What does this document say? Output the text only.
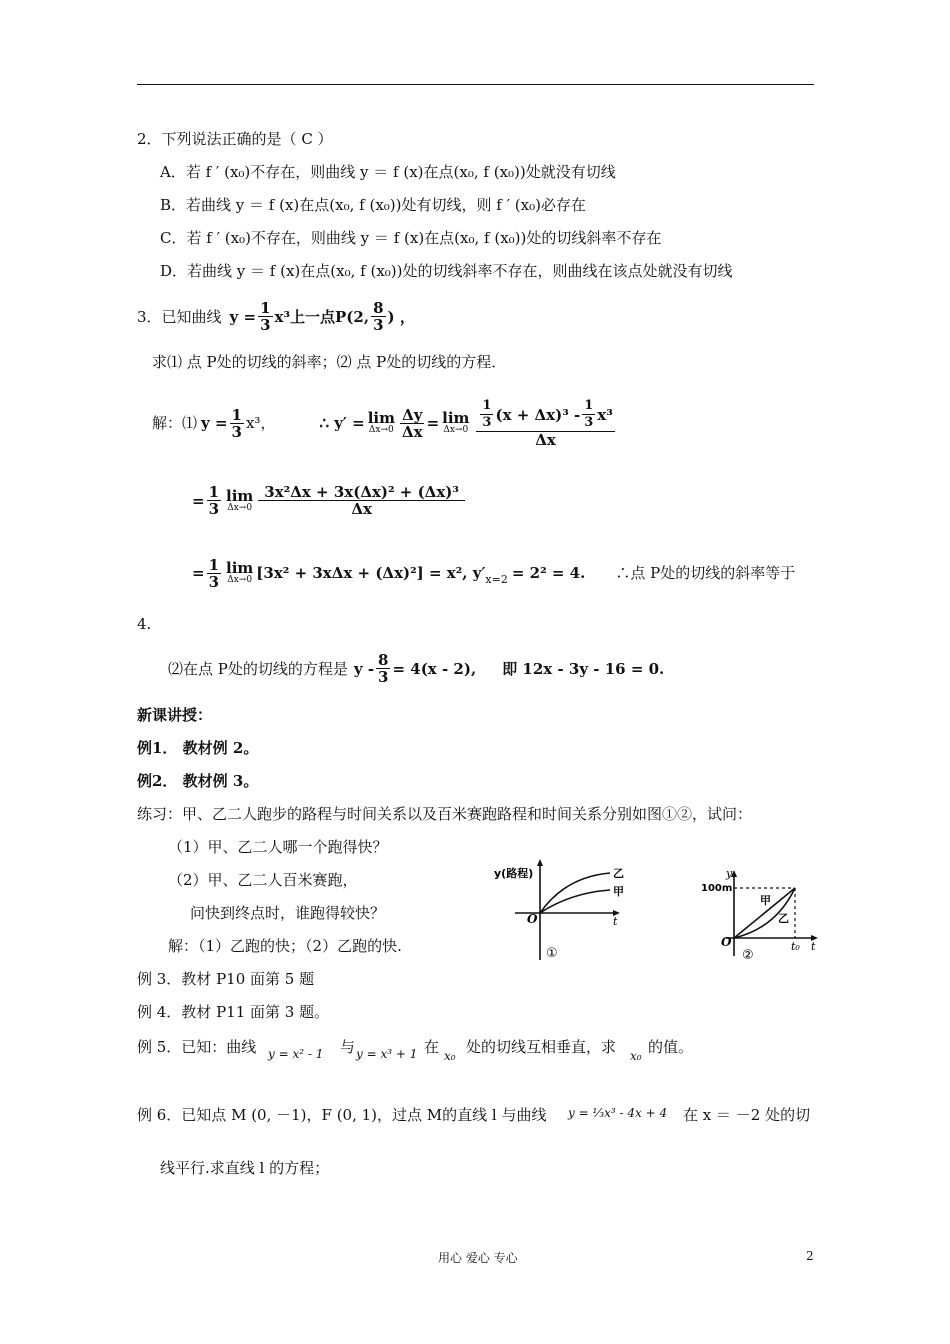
2．下列说法正确的是（ C ）
A．若 f ′ (x₀)不存在，则曲线 y ＝ f (x)在点(x₀, f (x₀))处就没有切线
B．若曲线 y ＝ f (x)在点(x₀, f (x₀))处有切线，则 f ′ (x₀)必存在
C．若 f ′ (x₀)不存在，则曲线 y ＝ f (x)在点(x₀, f (x₀))处的切线斜率不存在
D．若曲线 y ＝ f (x)在点(x₀, f (x₀))处的切线斜率不存在，则曲线在该点处就没有切线
3．已知曲线 $y = \frac{1}{3} x^3$上一点P(2, $\frac{8}{3}$ ) ，
求⑴ 点 P处的切线的斜率；⑵ 点 P处的切线的方程．
解：⑴ $y = \frac{1}{3} x^3$，	∴ y′ = lim
$\Delta x\to 0 \frac{\Delta y}{\Delta x} = \lim$
$\Delta x\to 0 \frac{\frac{1}{3} (x + \Delta x)^3 - \frac{1}{3} x^3}{\Delta x}$
= $\frac{1}{3}$ lim
$\Delta x\to 0 \frac{\text{3x²Δx + 3x(Δx)² + (Δx)³}}{\Delta x}$
= $\frac{1}{3}$ lim
Δx→0 [3x² + 3xΔx + (Δx)²] = x², y′ x=2 = 2² = 4. ∴点 P处的切线的斜率等于
4.
⑵在点 P处的切线的方程是 $y - \frac{8}{3} = 4(x - 2)$, 即 12x - 3y - 16 = 0.
新课讲授：
例1． 教材例 2。
例2． 教材例 3。
练习：甲、乙二人跑步的路程与时间关系以及百米赛跑路程和时间关系分别如图①②，试问：
（1）甲、乙二人哪一个跑得快？
（2）甲、乙二人百米赛跑，
问快到终点时，谁跑得较快？
解：（1）乙跑的快；（2）乙跑的快.
y(路程)	乙
甲
O	t
①
100m
y
甲
乙
O	t₀ t
②
例 3．教材 P10 面第 5 题
例 4．教材 P11 面第 3 题。
例 5．已知：曲线 y = x² - 1 与 y = x³ + 1 在 x₀ 处的切线互相垂直，求 x₀ 的值。
例 6．已知点 M (0, －1)，F (0, 1)，过点 M的直线 l 与曲线 y = ⅓x³ - 4x + 4 在 x ＝ －2 处的切
线平行.求直线 l 的方程；
用心 爱心 专心	2
